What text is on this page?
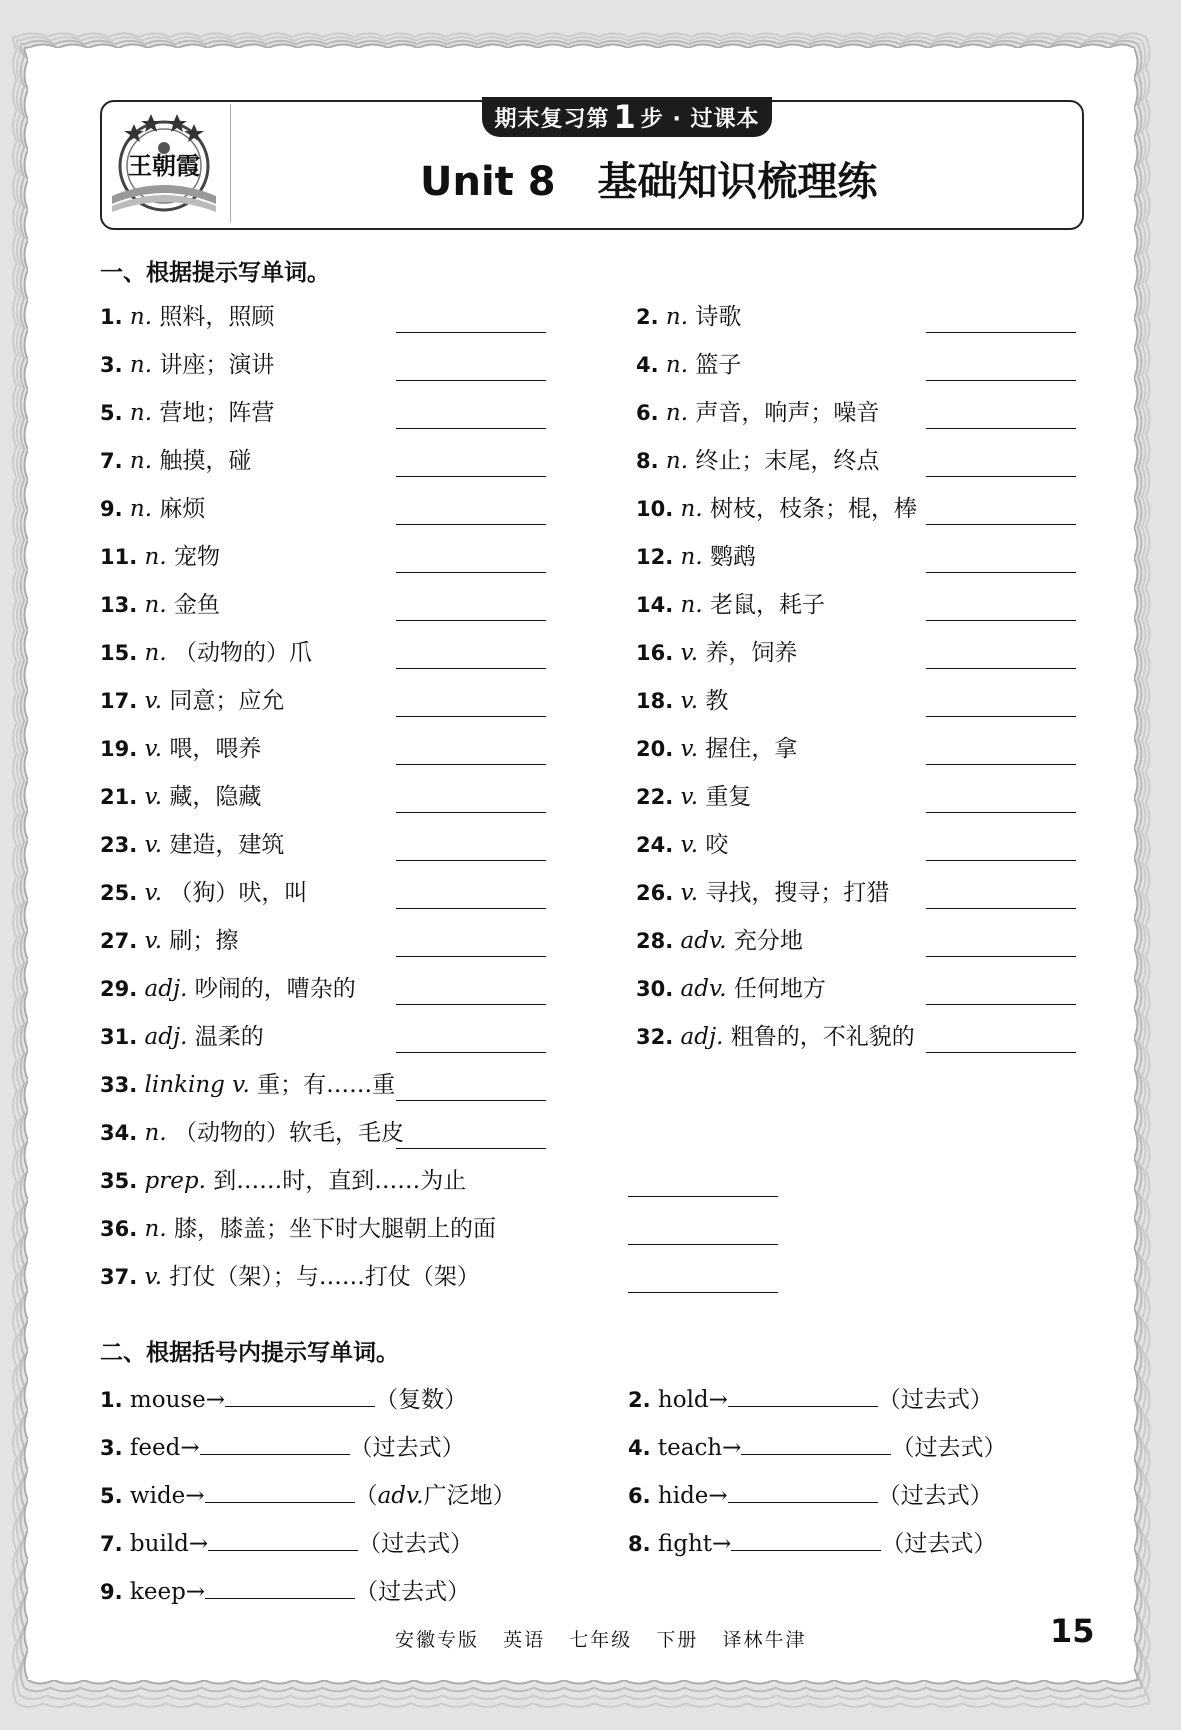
王朝霞
期末复习第 1 步 · 过课本
Unit 8   基础知识梳理练
一、根据提示写单词。
1. n. 照料，照顾	2. n. 诗歌
3. n. 讲座；演讲	4. n. 篮子
5. n. 营地；阵营	6. n. 声音，响声；噪音
7. n. 触摸，碰	8. n. 终止；末尾，终点
9. n. 麻烦	10. n. 树枝，枝条；棍，棒
11. n. 宠物	12. n. 鹦鹉
13. n. 金鱼	14. n. 老鼠，耗子
15. n. （动物的）爪	16. v. 养，饲养
17. v. 同意；应允	18. v. 教
19. v. 喂，喂养	20. v. 握住，拿
21. v. 藏，隐藏	22. v. 重复
23. v. 建造，建筑	24. v. 咬
25. v. （狗）吠，叫	26. v. 寻找，搜寻；打猎
27. v. 刷；擦	28. adv. 充分地
29. adj. 吵闹的，嘈杂的	30. adv. 任何地方
31. adj. 温柔的	32. adj. 粗鲁的，不礼貌的
33. linking v. 重；有……重
34. n. （动物的）软毛，毛皮
35. prep. 到……时，直到……为止
36. n. 膝，膝盖；坐下时大腿朝上的面
37. v. 打仗（架）；与……打仗（架）
二、根据括号内提示写单词。
1. mouse→	（复数）	2. hold→	（过去式）
3. feed→	（过去式）	4. teach→	（过去式）
5. wide→	（adv.广泛地）	6. hide→	（过去式）
7. build→	（过去式）	8. fight→	（过去式）
9. keep→	（过去式）
安徽专版   英语   七年级   下册   译林牛津	15
